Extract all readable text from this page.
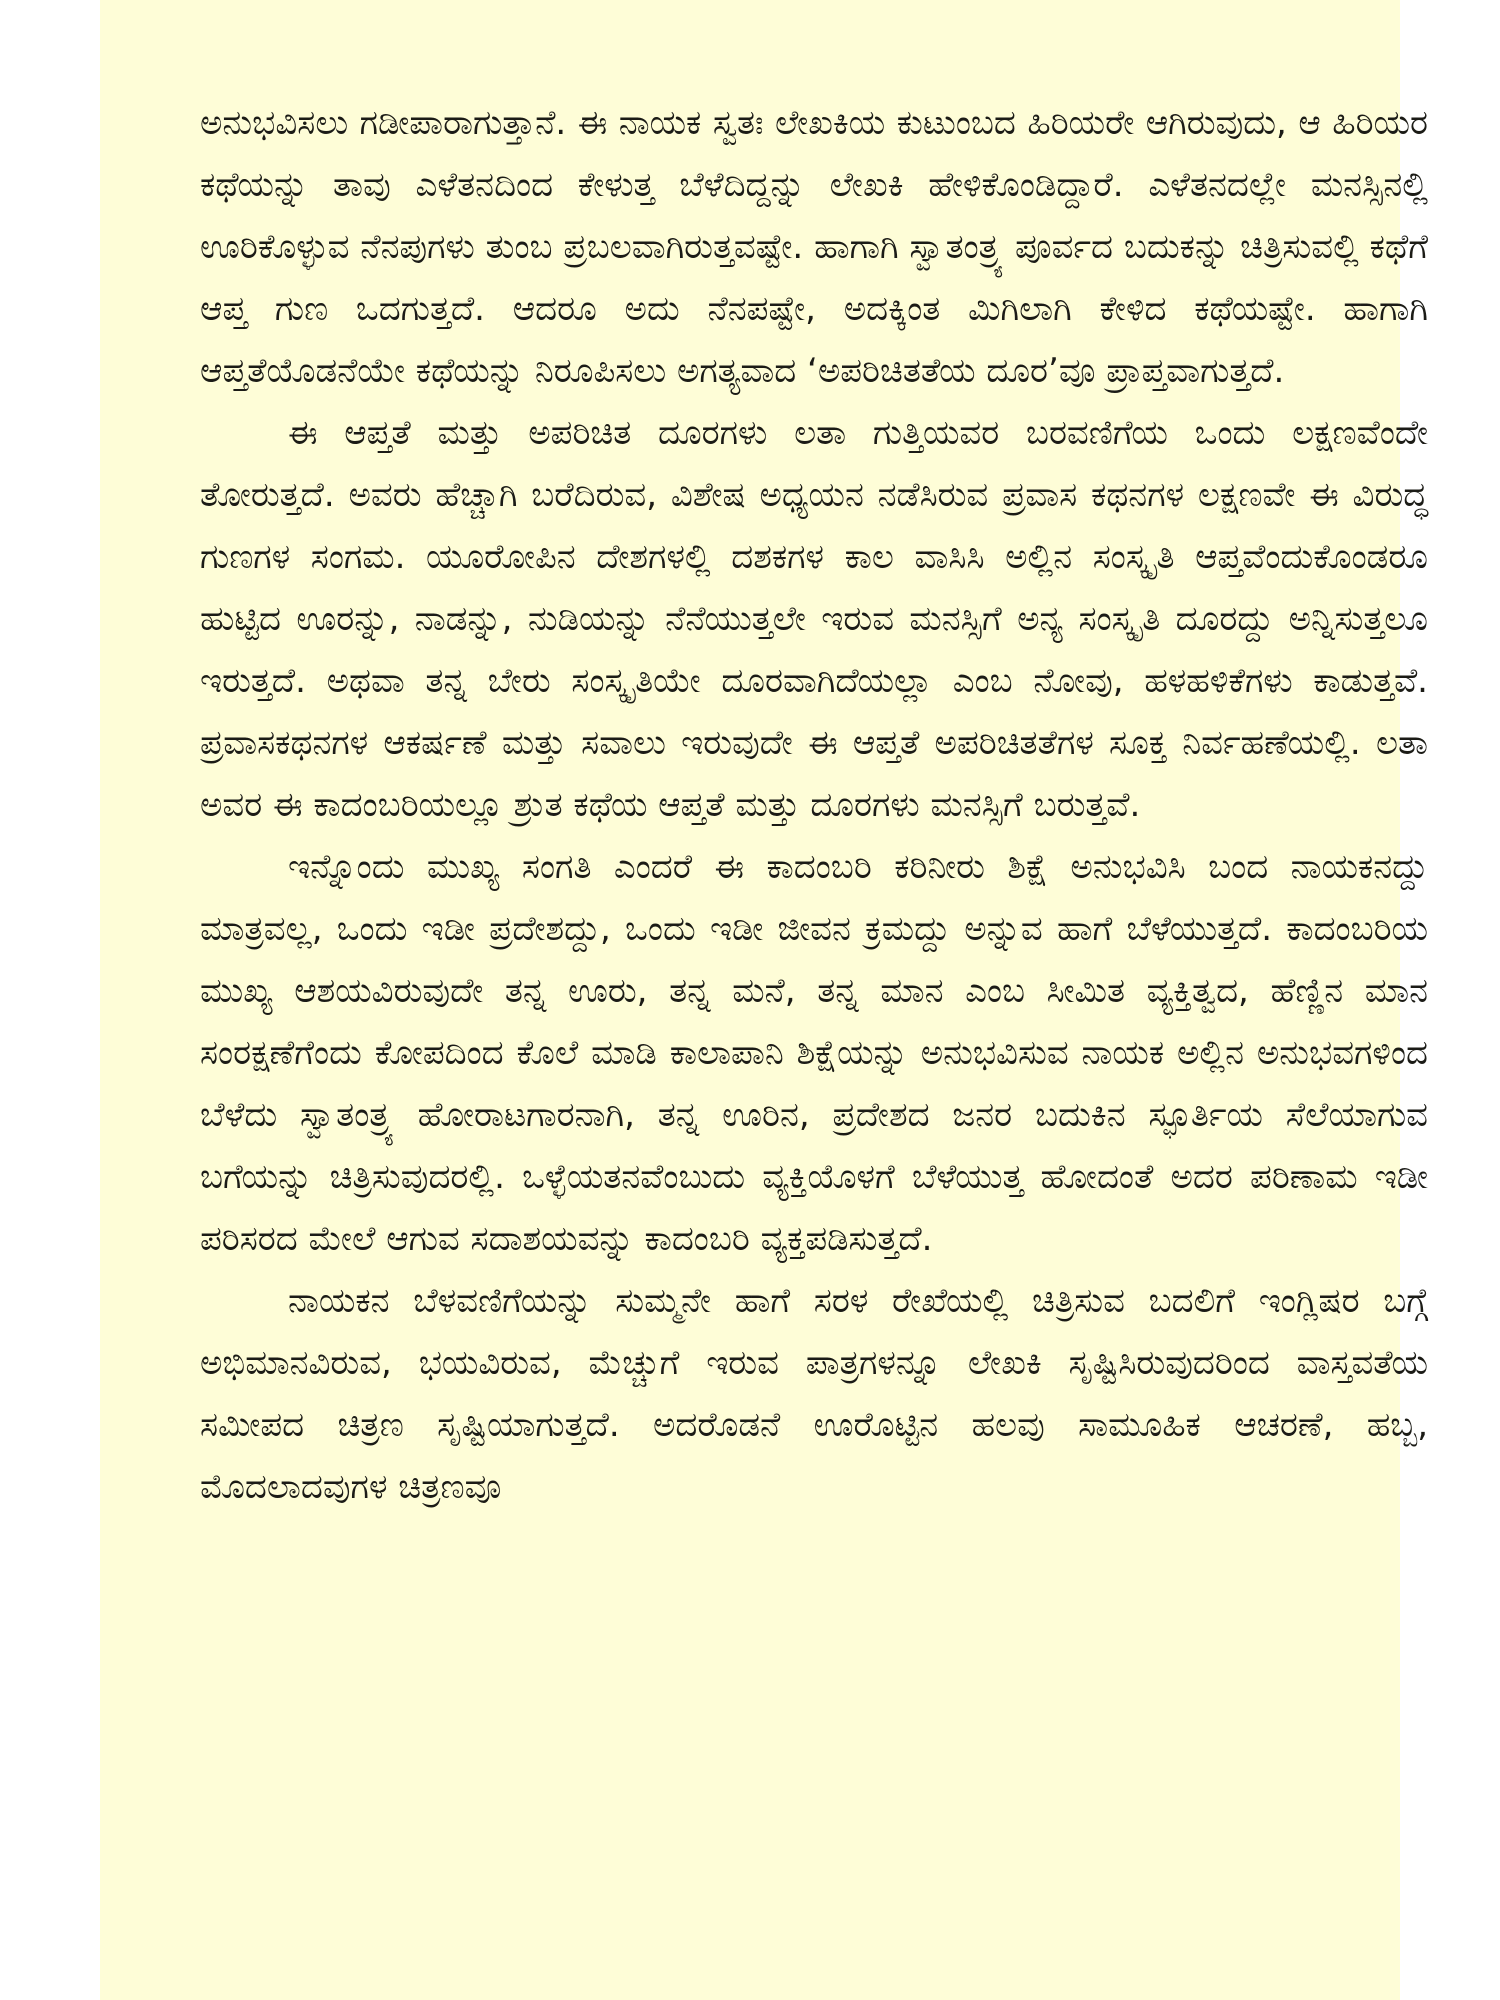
ಅನುಭವಿಸಲು ಗಡೀಪಾರಾಗುತ್ತಾನೆ. ಈ ನಾಯಕ ಸ್ವತಃ ಲೇಖಕಿಯ ಕುಟುಂಬದ ಹಿರಿಯರೇ ಆಗಿರುವುದು, ಆ ಹಿರಿಯರ ಕಥೆಯನ್ನು ತಾವು ಎಳೆತನದಿಂದ ಕೇಳುತ್ತ ಬೆಳೆದಿದ್ದನ್ನು ಲೇಖಕಿ ಹೇಳಿಕೊಂಡಿದ್ದಾರೆ. ಎಳೆತನದಲ್ಲೇ ಮನಸ್ಸಿನಲ್ಲಿ ಊರಿಕೊಳ್ಳುವ ನೆನಪುಗಳು ತುಂಬ ಪ್ರಬಲವಾಗಿರುತ್ತವಷ್ಟೇ. ಹಾಗಾಗಿ ಸ್ವಾತಂತ್ರ್ಯ ಪೂರ್ವದ ಬದುಕನ್ನು ಚಿತ್ರಿಸುವಲ್ಲಿ ಕಥೆಗೆ ಆಪ್ತ ಗುಣ ಒದಗುತ್ತದೆ. ಆದರೂ ಅದು ನೆನಪಷ್ಟೇ, ಅದಕ್ಕಿಂತ ಮಿಗಿಲಾಗಿ ಕೇಳಿದ ಕಥೆಯಷ್ಟೇ. ಹಾಗಾಗಿ ಆಪ್ತತೆಯೊಡನೆಯೇ ಕಥೆಯನ್ನು ನಿರೂಪಿಸಲು ಅಗತ್ಯವಾದ ‘ಅಪರಿಚಿತತೆಯ ದೂರ’ವೂ ಪ್ರಾಪ್ತವಾಗುತ್ತದೆ.

ಈ ಆಪ್ತತೆ ಮತ್ತು ಅಪರಿಚಿತ ದೂರಗಳು ಲತಾ ಗುತ್ತಿಯವರ ಬರವಣಿಗೆಯ ಒಂದು ಲಕ್ಷಣವೆಂದೇ ತೋರುತ್ತದೆ. ಅವರು ಹೆಚ್ಚಾಗಿ ಬರೆದಿರುವ, ವಿಶೇಷ ಅಧ್ಯಯನ ನಡೆಸಿರುವ ಪ್ರವಾಸ ಕಥನಗಳ ಲಕ್ಷಣವೇ ಈ ವಿರುದ್ಧ ಗುಣಗಳ ಸಂಗಮ. ಯೂರೋಪಿನ ದೇಶಗಳಲ್ಲಿ ದಶಕಗಳ ಕಾಲ ವಾಸಿಸಿ ಅಲ್ಲಿನ ಸಂಸ್ಕೃತಿ ಆಪ್ತವೆಂದುಕೊಂಡರೂ ಹುಟ್ಟಿದ ಊರನ್ನು, ನಾಡನ್ನು, ನುಡಿಯನ್ನು ನೆನೆಯುತ್ತಲೇ ಇರುವ ಮನಸ್ಸಿಗೆ ಅನ್ಯ ಸಂಸ್ಕೃತಿ ದೂರದ್ದು ಅನ್ನಿಸುತ್ತಲೂ ಇರುತ್ತದೆ. ಅಥವಾ ತನ್ನ ಬೇರು ಸಂಸ್ಕೃತಿಯೇ ದೂರವಾಗಿದೆಯಲ್ಲಾ ಎಂಬ ನೋವು, ಹಳಹಳಿಕೆಗಳು ಕಾಡುತ್ತವೆ. ಪ್ರವಾಸಕಥನಗಳ ಆಕರ್ಷಣೆ ಮತ್ತು ಸವಾಲು ಇರುವುದೇ ಈ ಆಪ್ತತೆ ಅಪರಿಚಿತತೆಗಳ ಸೂಕ್ತ ನಿರ್ವಹಣೆಯಲ್ಲಿ. ಲತಾ ಅವರ ಈ ಕಾದಂಬರಿಯಲ್ಲೂ ಶ್ರುತ ಕಥೆಯ ಆಪ್ತತೆ ಮತ್ತು ದೂರಗಳು ಮನಸ್ಸಿಗೆ ಬರುತ್ತವೆ.

ಇನ್ನೊಂದು ಮುಖ್ಯ ಸಂಗತಿ ಎಂದರೆ ಈ ಕಾದಂಬರಿ ಕರಿನೀರು ಶಿಕ್ಷೆ ಅನುಭವಿಸಿ ಬಂದ ನಾಯಕನದ್ದು ಮಾತ್ರವಲ್ಲ, ಒಂದು ಇಡೀ ಪ್ರದೇಶದ್ದು, ಒಂದು ಇಡೀ ಜೀವನ ಕ್ರಮದ್ದು ಅನ್ನುವ ಹಾಗೆ ಬೆಳೆಯುತ್ತದೆ. ಕಾದಂಬರಿಯ ಮುಖ್ಯ ಆಶಯವಿರುವುದೇ ತನ್ನ ಊರು, ತನ್ನ ಮನೆ, ತನ್ನ ಮಾನ ಎಂಬ ಸೀಮಿತ ವ್ಯಕ್ತಿತ್ವದ, ಹೆಣ್ಣಿನ ಮಾನ ಸಂರಕ್ಷಣೆಗೆಂದು ಕೋಪದಿಂದ ಕೊಲೆ ಮಾಡಿ ಕಾಲಾಪಾನಿ ಶಿಕ್ಷೆಯನ್ನು ಅನುಭವಿಸುವ ನಾಯಕ ಅಲ್ಲಿನ ಅನುಭವಗಳಿಂದ ಬೆಳೆದು ಸ್ವಾತಂತ್ರ್ಯ ಹೋರಾಟಗಾರನಾಗಿ, ತನ್ನ ಊರಿನ, ಪ್ರದೇಶದ ಜನರ ಬದುಕಿನ ಸ್ಫೂರ್ತಿಯ ಸೆಲೆಯಾಗುವ ಬಗೆಯನ್ನು ಚಿತ್ರಿಸುವುದರಲ್ಲಿ. ಒಳ್ಳೆಯತನವೆಂಬುದು ವ್ಯಕ್ತಿಯೊಳಗೆ ಬೆಳೆಯುತ್ತ ಹೋದಂತೆ ಅದರ ಪರಿಣಾಮ ಇಡೀ ಪರಿಸರದ ಮೇಲೆ ಆಗುವ ಸದಾಶಯವನ್ನು ಕಾದಂಬರಿ ವ್ಯಕ್ತಪಡಿಸುತ್ತದೆ.

ನಾಯಕನ ಬೆಳವಣಿಗೆಯನ್ನು ಸುಮ್ಮನೇ ಹಾಗೆ ಸರಳ ರೇಖೆಯಲ್ಲಿ ಚಿತ್ರಿಸುವ ಬದಲಿಗೆ ಇಂಗ್ಲಿಷರ ಬಗ್ಗೆ ಅಭಿಮಾನವಿರುವ, ಭಯವಿರುವ, ಮೆಚ್ಚುಗೆ ಇರುವ ಪಾತ್ರಗಳನ್ನೂ ಲೇಖಕಿ ಸೃಷ್ಟಿಸಿರುವುದರಿಂದ ವಾಸ್ತವತೆಯ ಸಮೀಪದ ಚಿತ್ರಣ ಸೃಷ್ಟಿಯಾಗುತ್ತದೆ. ಅದರೊಡನೆ ಊರೊಟ್ಟಿನ ಹಲವು ಸಾಮೂಹಿಕ ಆಚರಣೆ, ಹಬ್ಬ, ಮೊದಲಾದವುಗಳ ಚಿತ್ರಣವೂ
